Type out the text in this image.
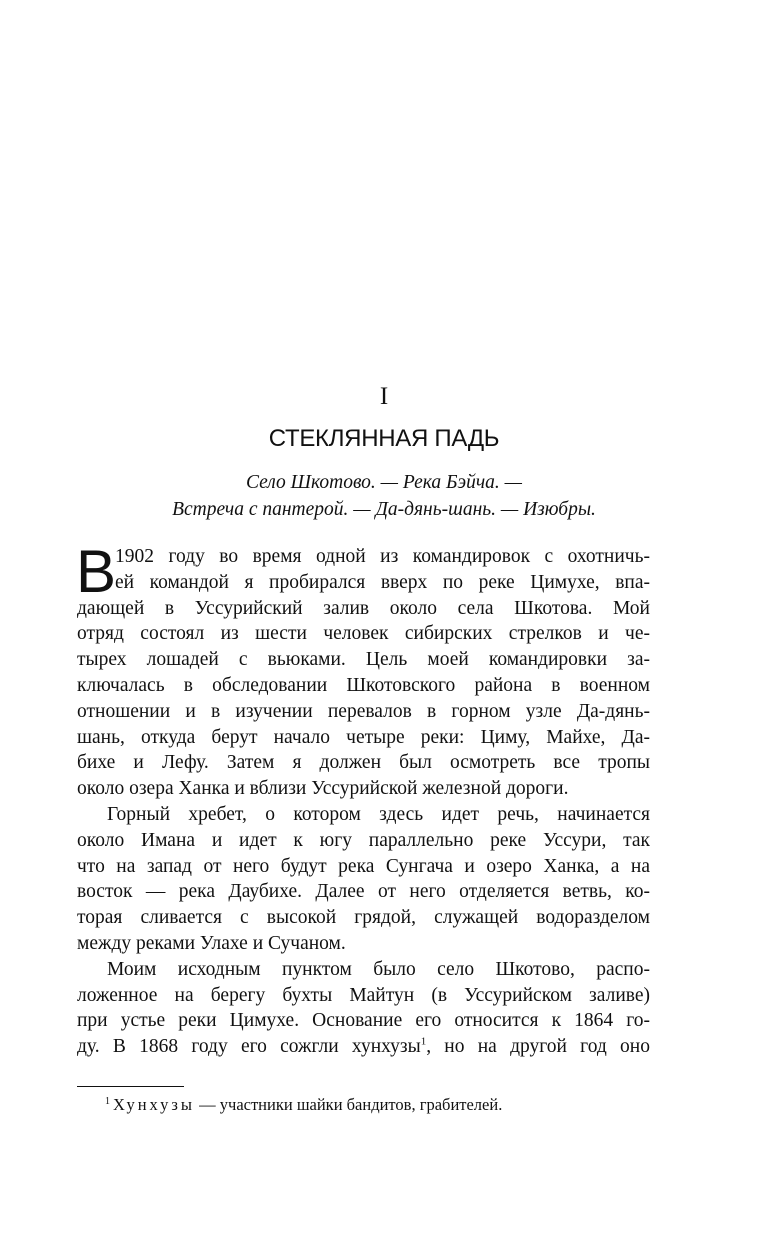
I
СТЕКЛЯННАЯ ПАДЬ
Село Шкотово. — Река Бэйча. —
Встреча с пантерой. — Да-дянь-шань. — Изюбры.
В
1902 году во время одной из командировок с охотничь-
ей командой я пробирался вверх по реке Цимухе, впа-
дающей в Уссурийский залив около села Шкотова. Мой
отряд состоял из шести человек сибирских стрелков и че-
тырех лошадей с вьюками. Цель моей командировки за-
ключалась в обследовании Шкотовского района в военном
отношении и в изучении перевалов в горном узле Да-дянь-
шань, откуда берут начало четыре реки: Циму, Майхе, Да-
бихе и Лефу. Затем я должен был осмотреть все тропы
около озера Ханка и вблизи Уссурийской железной дороги.
Горный хребет, о котором здесь идет речь, начинается
около Имана и идет к югу параллельно реке Уссури, так
что на запад от него будут река Сунгача и озеро Ханка, а на
восток — река Даубихе. Далее от него отделяется ветвь, ко-
торая сливается с высокой грядой, служащей водоразделом
между реками Улахе и Сучаном.
Моим исходным пунктом было село Шкотово, распо-
ложенное на берегу бухты Майтун (в Уссурийском заливе)
при устье реки Цимухе. Основание его относится к 1864 го-
ду. В 1868 году его сожгли хунхузы$^1$, но на другой год оно
$^1$ Хунхузы — участники шайки бандитов, грабителей.
